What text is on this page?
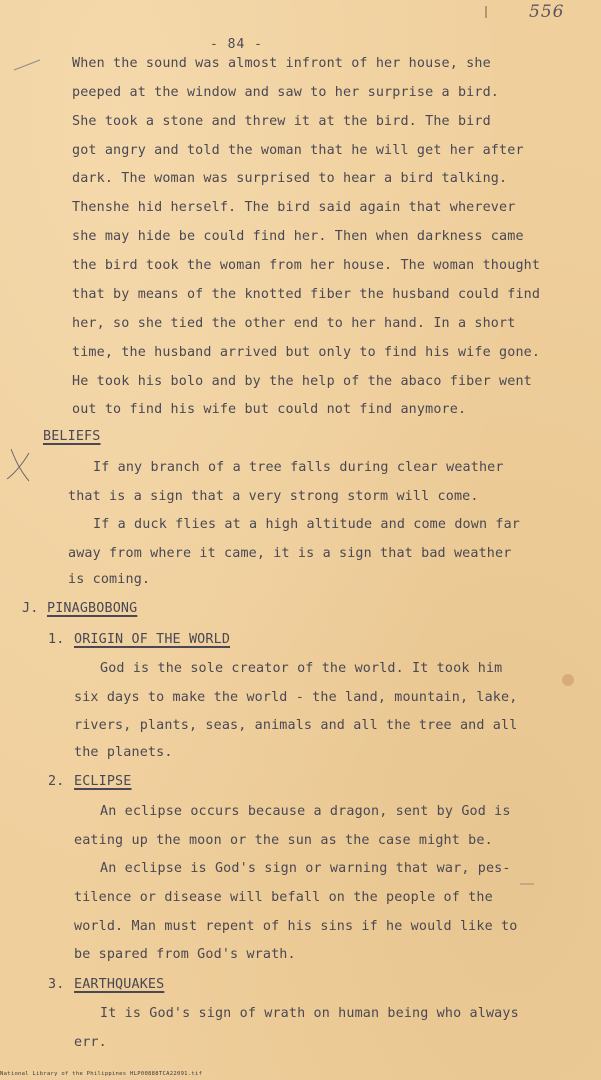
556
- 84 -
When the sound was almost infront of her house, she
peeped at the window and saw to her surprise a bird.
She took a stone and threw it at the bird. The bird
got angry and told the woman that he will get her after
dark. The woman was surprised to hear a bird talking.
Thenshe hid herself. The bird said again that wherever
she may hide be could find her. Then when darkness came
the bird took the woman from her house. The woman thought
that by means of the knotted fiber the husband could find
her, so she tied the other end to her hand. In a short
time, the husband arrived but only to find his wife gone.
He took his bolo and by the help of the abaco fiber went
out to find his wife but could not find anymore.
BELIEFS
If any branch of a tree falls during clear weather
that is a sign that a very strong storm will come.
If a duck flies at a high altitude and come down far
away from where it came, it is a sign that bad weather
is coming.
J. PINAGBOBONG
1. ORIGIN OF THE WORLD
God is the sole creator of the world. It took him
six days to make the world - the land, mountain, lake,
rivers, plants, seas, animals and all the tree and all
the planets.
2. ECLIPSE
An eclipse occurs because a dragon, sent by God is
eating up the moon or the sun as the case might be.
An eclipse is God's sign or warning that war, pes-
tilence or disease will befall on the people of the
world. Man must repent of his sins if he would like to
be spared from God's wrath.
3. EARTHQUAKES
It is God's sign of wrath on human being who always
err.
National Library of the Philippines HLP00888TCA22091.tif
